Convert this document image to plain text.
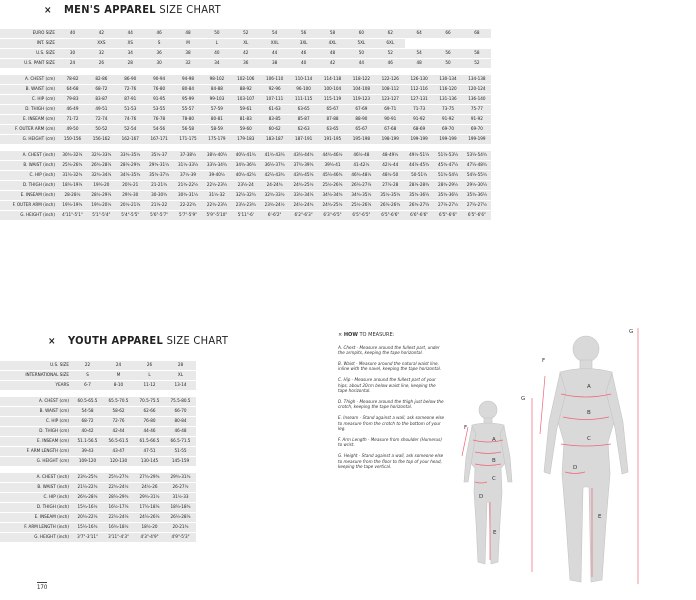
× MEN'S APPAREL SIZE CHART
EURO SIZE	40	42	44	46	48	50	52	54	56	58	60	62	64	66	68
INT. SIZE		XXS	XS	S	M	L	XL	XXL	3XL	4XL	5XL	6XL			
U.S. SIZE	30	32	34	36	38	40	42	44	46	48	50	52	54	56	58
U.S. PANT SIZE	24	26	28	30	32	34	36	38	40	42	44	46	48	50	52

A. CHEST (cm)	78-82	82-86	86-90	90-94	94-98	98-102	102-106	106-110	110-114	114-118	118-122	122-126	126-130	130-134	134-138
B. WAIST (cm)	64-68	68-72	72-76	76-80	80-84	84-88	88-92	92-96	96-100	100-104	104-108	108-112	112-116	116-120	120-124
C. HIP (cm)	79-83	83-87	87-91	91-95	95-99	99-103	103-107	107-111	111-115	115-119	119-123	123-127	127-131	131-136	136-140
D. THIGH (cm)	46-49	49-51	51-53	53-55	55-57	57-59	59-61	61-63	63-65	65-67	67-69	69-71	71-73	73-75	75-77
E. INSEAM (cm)	71-72	72-74	74-76	76-78	78-80	80-81	81-83	83-85	85-87	87-88	88-90	90-91	91-92	91-92	91-92
F. OUTER ARM (cm)	49-50	50-52	52-54	54-56	56-58	58-59	59-60	60-62	62-63	63-65	65-67	67-68	68-69	69-70	69-70
G. HEIGHT (cm)	150-156	156-162	162-167	167-171	171-175	175-179	179-183	183-187	187-191	191-195	195-198	198-199	199-199	199-199	199-199

A. CHEST (inch)	30¾-32¼	32¼-33¾	33¾-35½	35½-37	37-38½	38½-40¼	40¼-41¾	41¾-43¼	43¼-44¾	44¾-46½	46½-48	48-49½	49½-51¼	51¼-53¼	53¼-54¾
B. WAIST (inch)	25¼-26¾	26¾-28¼	28¼-29¾	29¾-31½	31½-33¼	33¼-34¾	34¾-36¼	36¼-37¾	37¾-39¼	39¼-41	41-42½	42½-44	44¼-45¾	45¾-47¼	47¼-48¾
C. HIP (inch)	31¼-32¾	32¾-34¼	34¼-35¾	35¾-37½	37½-39	39-40½	40½-42¼	42¼-43¾	43¾-45¼	45¼-46¾	46¾-48½	48½-50	50-51¾	51¾-54¼	54¼-55¾
D. THIGH (inch)	18¼-19¼	19¼-20	20¼-21	21-21¾	21¾-22½	22½-23¼	23¼-24	24-24¾	24¾-25½	25½-26¼	26¼-27¼	27¼-28	28¼-28¾	28¾-29½	29½-30¼
E. INSEAM (inch)	28-28½	28½-29¼	29¼-30	30-30¾	30¾-31½	31½-32	32¼-32¾	32¾-33½	33½-34¼	34¼-34¾	34¾-35½	35½-35¾	35¾-36¼	35¾-36¼	35¾-36¼
F. OUTER ARM (inch)	19¼-19¾	19¾-20½	20½-21¼	21¼-22	22-22¾	22¾-23¼	23¼-23¾	23¾-24½	24½-24¾	24¾-25½	25½-26¼	26¼-26¾	26¾-27¼	27¼-27½	27¼-27½
G. HEIGHT (inch)	4'11"-5'1"	5'1"-5'4"	5'4"-5'5"	5'6"-5'7"	5'7"-5'9"	5'9"-5'10"	5'11"-6'	6'-6'2"	6'2"-6'3"	6'3"-6'5"	6'5"-6'5"	6'5"-6'6"	6'6"-6'6"	6'5"-6'6"	6'5"-6'6"
× YOUTH APPAREL SIZE CHART
U.S. SIZE	22	24	26	28
INTERNATIONAL SIZE	S	M	L	XL
YEARS	6-7	8-10	11-12	13-14

A. CHEST (cm)	60.5-65.5	65.5-70.5	70.5-75.5	75.5-80.5
B. WAIST (cm)	54-58	58-62	62-66	66-70
C. HIP (cm)	68-72	72-76	76-80	80-84
D. THIGH (cm)	40-42	42-44	44-46	46-48
E. INSEAM (cm)	51.1-56.5	56.5-61.5	61.5-66.5	66.5-71.5
F. ARM LENGTH (cm)	39-43	43-47	47-51	51-55
G. HEIGHT (cm)	109-120	120-130	130-145	145-159

A. CHEST (inch)	23¾-25¾	25¾-27¾	27¾-29¾	29¾-31¾
B. WAIST (inch)	21¼-22¾	22¾-24½	24½-26	26-27½
C. HIP (inch)	26¾-28¼	28¼-29¾	29¾-31½	31½-33
D. THIGH (inch)	15¾-16½	16½-17¼	17¼-18¼	18¼-18¾
E. INSEAM (inch)	20¼-22¼	22¼-24¼	24¼-26¼	26¼-28¼
F. ARM LENGTH (inch)	15¼-16¾	16¾-18½	18½-20	20-21¾
G. HEIGHT (inch)	3'7"-3'11"	3'11"-4'3"	4'3"-4'9"	4'9"-5'3"
× HOW TO MEASURE:

A. Chest - Measure around the fullest part, under the armpits, keeping the tape horizontal.

B. Waist - Measure around the natural waist line, inline with the navel, keeping the tape horizontal.

C. Hip - Measure around the fullest part of your hips, about 20cm below waist line, keeping the tape horizontal.

D. Thigh - Measure around the thigh just below the crotch, keeping the tape horizontal.

E. Inseam - Stand against a wall, ask someone else to measure from the crotch to the bottom of your leg.

F. Arm Length - Measure from shoulder (Humerus) to wrist.

G. Height - Stand against a wall, ask someone else to measure from the floor to the top of your head, keeping the tape vertical.

A
B
C
D
E
F
G
A
B
C
D
E
F
G
170
